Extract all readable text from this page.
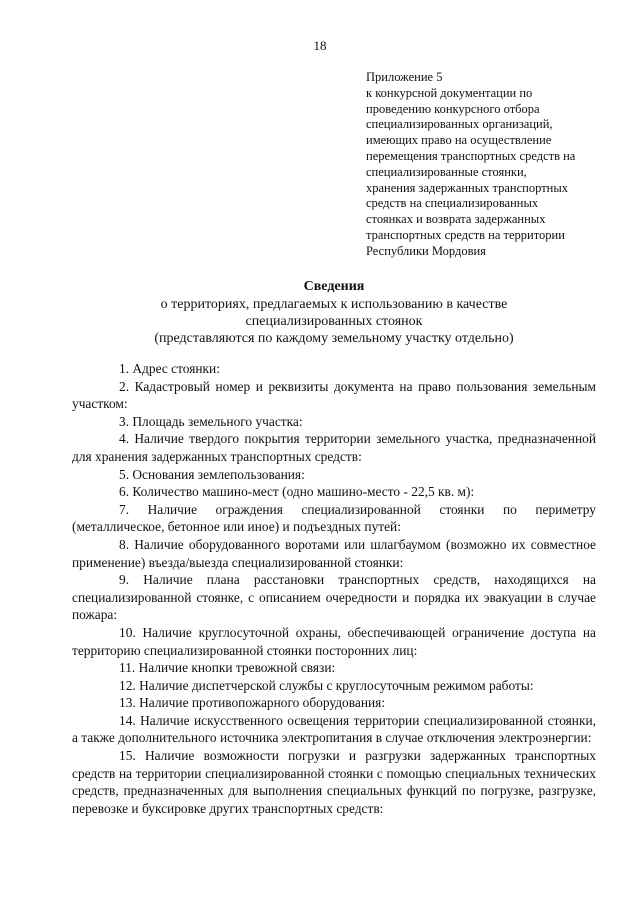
18
Приложение 5
к конкурсной документации по
проведению конкурсного отбора
специализированных организаций,
имеющих право на осуществление
перемещения транспортных средств на
специализированные стоянки,
хранения задержанных транспортных
средств на специализированных
стоянках и возврата задержанных
транспортных средств на территории
Республики Мордовия
Сведения
о территориях, предлагаемых к использованию в качестве
специализированных стоянок
(представляются по каждому земельному участку отдельно)

1. Адрес стоянки:

2. Кадастровый номер и реквизиты документа на право пользования земельным участком:

3. Площадь земельного участка:

4. Наличие твердого покрытия территории земельного участка, предназначенной для хранения задержанных транспортных средств:

5. Основания землепользования:

6. Количество машино-мест (одно машино-место - 22,5 кв. м):

7. Наличие ограждения специализированной стоянки по периметру (металлическое, бетонное или иное) и подъездных путей:

8. Наличие оборудованного воротами или шлагбаумом (возможно их совместное применение) въезда/выезда специализированной стоянки:

9. Наличие плана расстановки транспортных средств, находящихся на специализированной стоянке, с описанием очередности и порядка их эвакуации в случае пожара:

10. Наличие круглосуточной охраны, обеспечивающей ограничение доступа на территорию специализированной стоянки посторонних лиц:

11. Наличие кнопки тревожной связи:

12. Наличие диспетчерской службы с круглосуточным режимом работы:

13. Наличие противопожарного оборудования:

14. Наличие искусственного освещения территории специализированной стоянки, а также дополнительного источника электропитания в случае отключения электроэнергии:

15. Наличие возможности погрузки и разгрузки задержанных транспортных средств на территории специализированной стоянки с помощью специальных технических средств, предназначенных для выполнения специальных функций по погрузке, разгрузке, перевозке и буксировке других транспортных средств:
